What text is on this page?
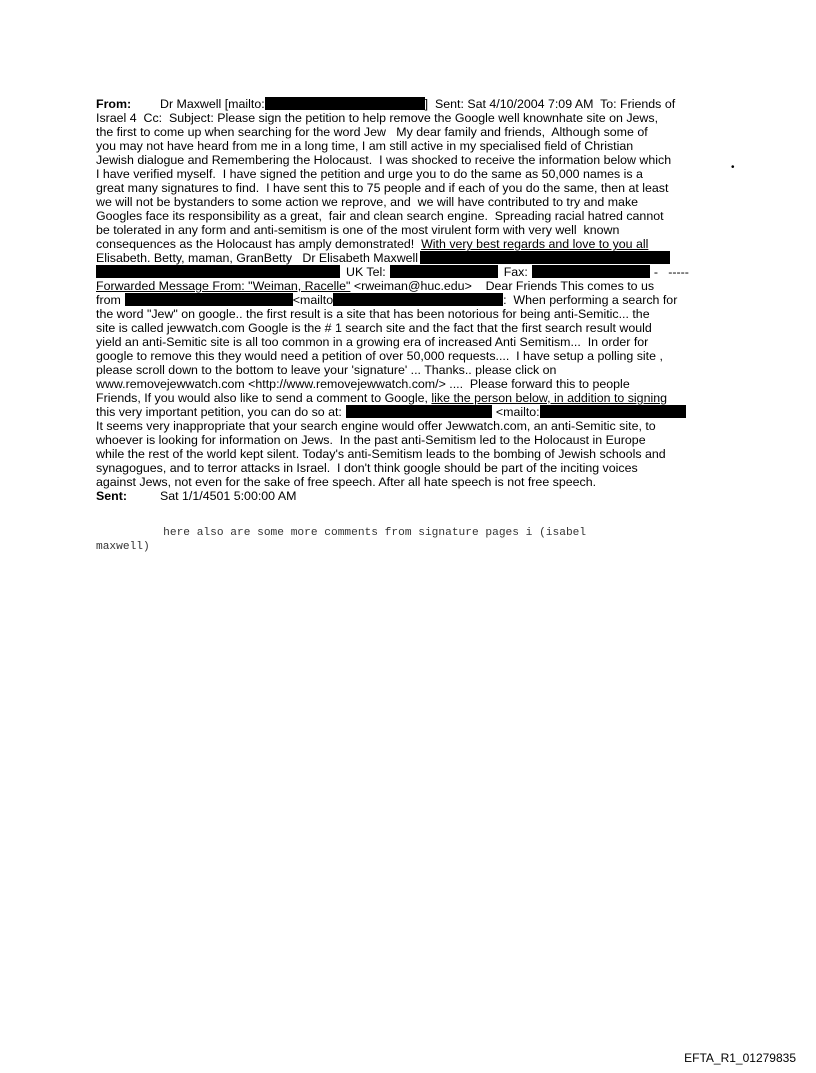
From: Dr Maxwell [mailto:	]  Sent: Sat 4/10/2004 7:09 AM  To: Friends of
Israel 4  Cc:  Subject: Please sign the petition to help remove the Google well knownhate site on Jews,
the first to come up when searching for the word Jew   My dear family and friends,  Although some of
you may not have heard from me in a long time, I am still active in my specialised field of Christian
Jewish dialogue and Remembering the Holocaust.  I was shocked to receive the information below which
I have verified myself.  I have signed the petition and urge you to do the same as 50,000 names is a
great many signatures to find.  I have sent this to 75 people and if each of you do the same, then at least
we will not be bystanders to some action we reprove, and  we will have contributed to try and make
Googles face its responsibility as a great,  fair and clean search engine.  Spreading racial hatred cannot
be tolerated in any form and anti-semitism is one of the most virulent form with very well  known
consequences as the Holocaust has amply demonstrated!  With very best regards and love to you all
Elisabeth. Betty, maman, GranBetty   Dr Elisabeth Maxwell
UK Tel:	Fax:	-   -----
Forwarded Message From: "Weiman, Racelle" <rweiman@huc.edu>    Dear Friends This comes to us
from	<mailto	:  When performing a search for
the word "Jew" on google.. the first result is a site that has been notorious for being anti-Semitic... the
site is called jewwatch.com Google is the # 1 search site and the fact that the first search result would
yield an anti-Semitic site is all too common in a growing era of increased Anti Semitism...  In order for
google to remove this they would need a petition of over 50,000 requests....  I have setup a polling site ,
please scroll down to the bottom to leave your 'signature' ... Thanks.. please click on
www.removejewwatch.com <http://www.removejewwatch.com/> ....  Please forward this to people
Friends, If you would also like to send a comment to Google, like the person below, in addition to signing
this very important petition, you can do so at:	<mailto:
It seems very inappropriate that your search engine would offer Jewwatch.com, an anti-Semitic site, to
whoever is looking for information on Jews.  In the past anti-Semitism led to the Holocaust in Europe
while the rest of the world kept silent. Today's anti-Semitism leads to the bombing of Jewish schools and
synagogues, and to terror attacks in Israel.  I don't think google should be part of the inciting voices
against Jews, not even for the sake of free speech. After all hate speech is not free speech.
Sent:	Sat 1/1/4501 5:00:00 AM
•
here also are some more comments from signature pages i (isabel
maxwell)
EFTA_R1_01279835
